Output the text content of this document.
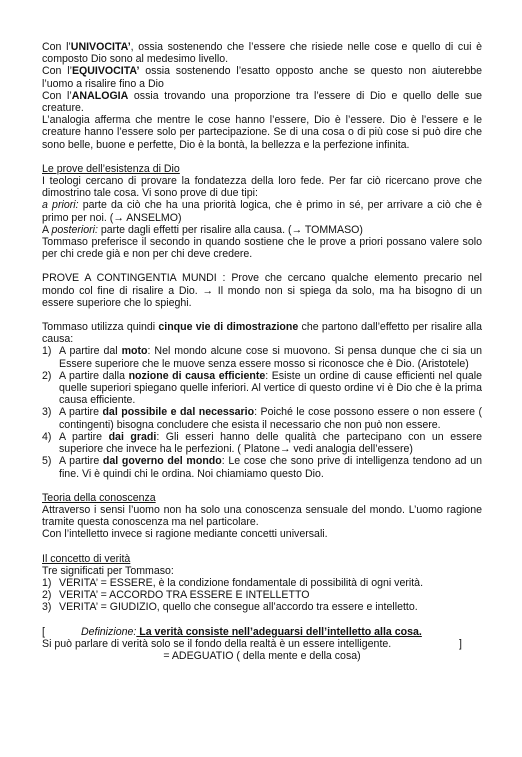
Con l’UNIVOCITA’, ossia sostenendo che l’essere che risiede nelle cose e quello di cui è composto Dio sono al medesimo livello.

Con l’EQUIVOCITA’ ossia sostenendo l’esatto opposto anche se questo non aiuterebbe l’uomo a risalire fino a Dio

Con l’ANALOGIA ossia trovando una proporzione tra l’essere di Dio e quello delle sue creature.

L’analogia afferma che mentre le cose hanno l’essere, Dio è l’essere. Dio è l’essere e le creature hanno l’essere solo per partecipazione. Se di una cosa o di più cose si può dire che sono belle, buone e perfette, Dio è la bontà, la bellezza e la perfezione infinita.

Le prove dell’esistenza di Dio

I teologi cercano di provare la fondatezza della loro fede. Per far ciò ricercano prove che dimostrino tale cosa. Vi sono prove di due tipi:

a priori: parte da ciò che ha una priorità logica, che è primo in sé, per arrivare a ciò che è primo per noi. (→ ANSELMO)

A posteriori: parte dagli effetti per risalire alla causa. (→ TOMMASO)

Tommaso preferisce il secondo in quando sostiene che le prove a priori possano valere solo per chi crede già e non per chi deve credere.

PROVE A CONTINGENTIA MUNDI : Prove che cercano qualche elemento precario nel mondo col fine di risalire a Dio. → Il mondo non si spiega da solo, ma ha bisogno di un essere superiore che lo spieghi.

Tommaso utilizza quindi cinque vie di dimostrazione che partono dall’effetto per risalire alla causa:

1) A partire dal moto: Nel mondo alcune cose si muovono. Si pensa dunque che ci sia un Essere superiore che le muove senza essere mosso si riconosce che è Dio. (Aristotele)
2) A partire dalla nozione di causa efficiente: Esiste un ordine di cause efficienti nel quale quelle superiori spiegano quelle inferiori. Al vertice di questo ordine vi è Dio che è la prima causa efficiente.
3) A partire dal possibile e dal necessario: Poiché le cose possono essere o non essere ( contingenti) bisogna concludere che esista il necessario che non può non essere.
4) A partire dai gradi: Gli esseri hanno delle qualità che partecipano con un essere superiore che invece ha le perfezioni. ( Platone→ vedi analogia dell’essere)
5) A partire dal governo del mondo: Le cose che sono prive di intelligenza tendono ad un fine. Vi è quindi chi le ordina. Noi chiamiamo questo Dio.

Teoria della conoscenza

Attraverso i sensi l’uomo non ha solo una conoscenza sensuale del mondo. L’uomo ragione tramite questa conoscenza ma nel particolare.

Con l’intelletto invece si ragione mediante concetti universali.

Il concetto di verità

Tre significati per Tommaso:

1) VERITA’ = ESSERE, è la condizione fondamentale di possibilità di ogni verità.
2) VERITA’ = ACCORDO TRA ESSERE E INTELLETTO
3) VERITA’ = GIUDIZIO, quello che consegue all’accordo tra essere e intelletto.

[	Definizione: La verità consiste nell’adeguarsi dell’intelletto alla cosa.

Si può parlare di verità solo se il fondo della realtà è un essere intelligente.	]

= ADEGUATIO ( della mente e della cosa)
